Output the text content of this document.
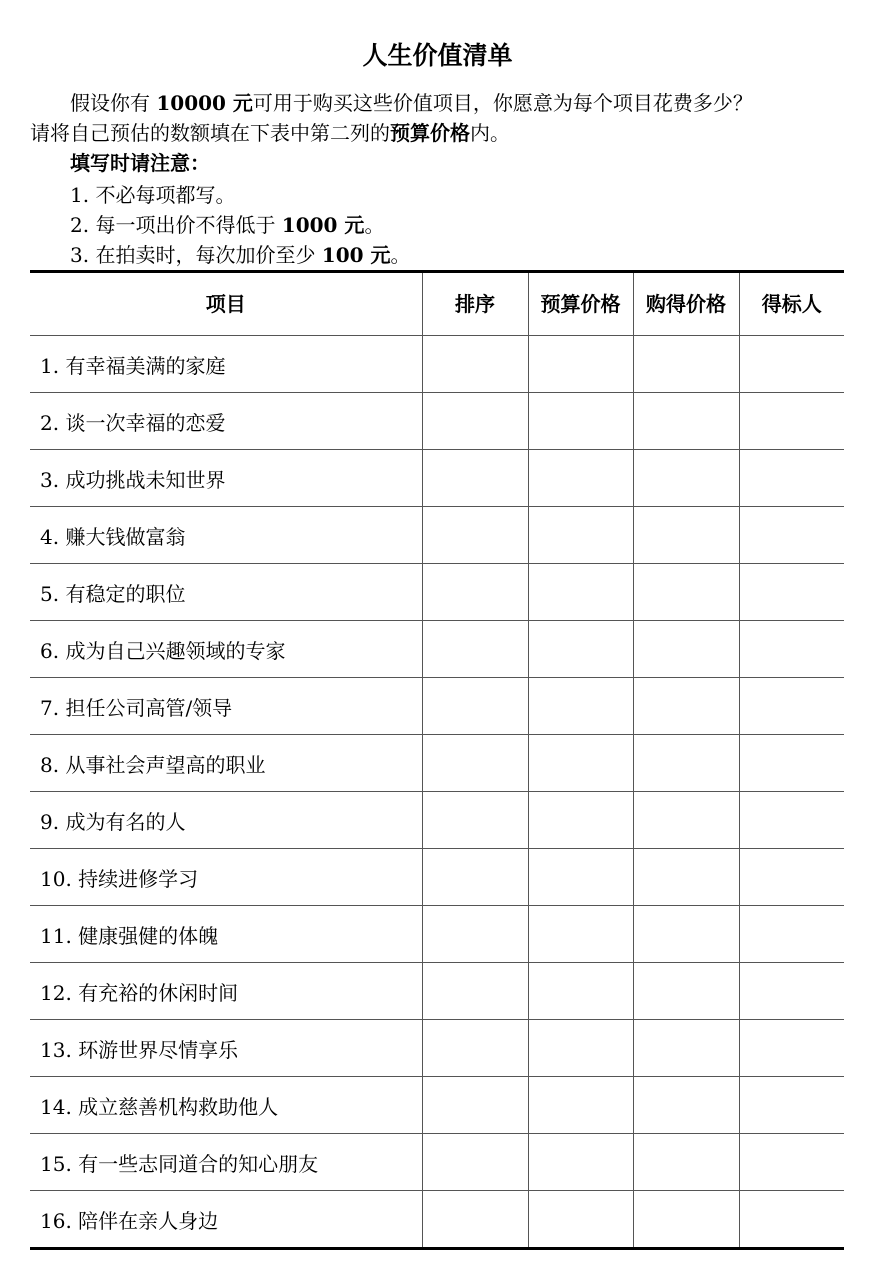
人生价值清单
假设你有 10000 元可用于购买这些价值项目，你愿意为每个项目花费多少？
请将自己预估的数额填在下表中第二列的预算价格内。
填写时请注意：
1. 不必每项都写。
2. 每一项出价不得低于 1000 元。
3. 在拍卖时，每次加价至少 100 元。
项目	排序	预算价格	购得价格	得标人
1. 有幸福美满的家庭				
2. 谈一次幸福的恋爱				
3. 成功挑战未知世界				
4. 赚大钱做富翁				
5. 有稳定的职位				
6. 成为自己兴趣领域的专家				
7. 担任公司高管/领导				
8. 从事社会声望高的职业				
9. 成为有名的人				
10. 持续进修学习				
11. 健康强健的体魄				
12. 有充裕的休闲时间				
13. 环游世界尽情享乐				
14. 成立慈善机构救助他人				
15. 有一些志同道合的知心朋友				
16. 陪伴在亲人身边				
